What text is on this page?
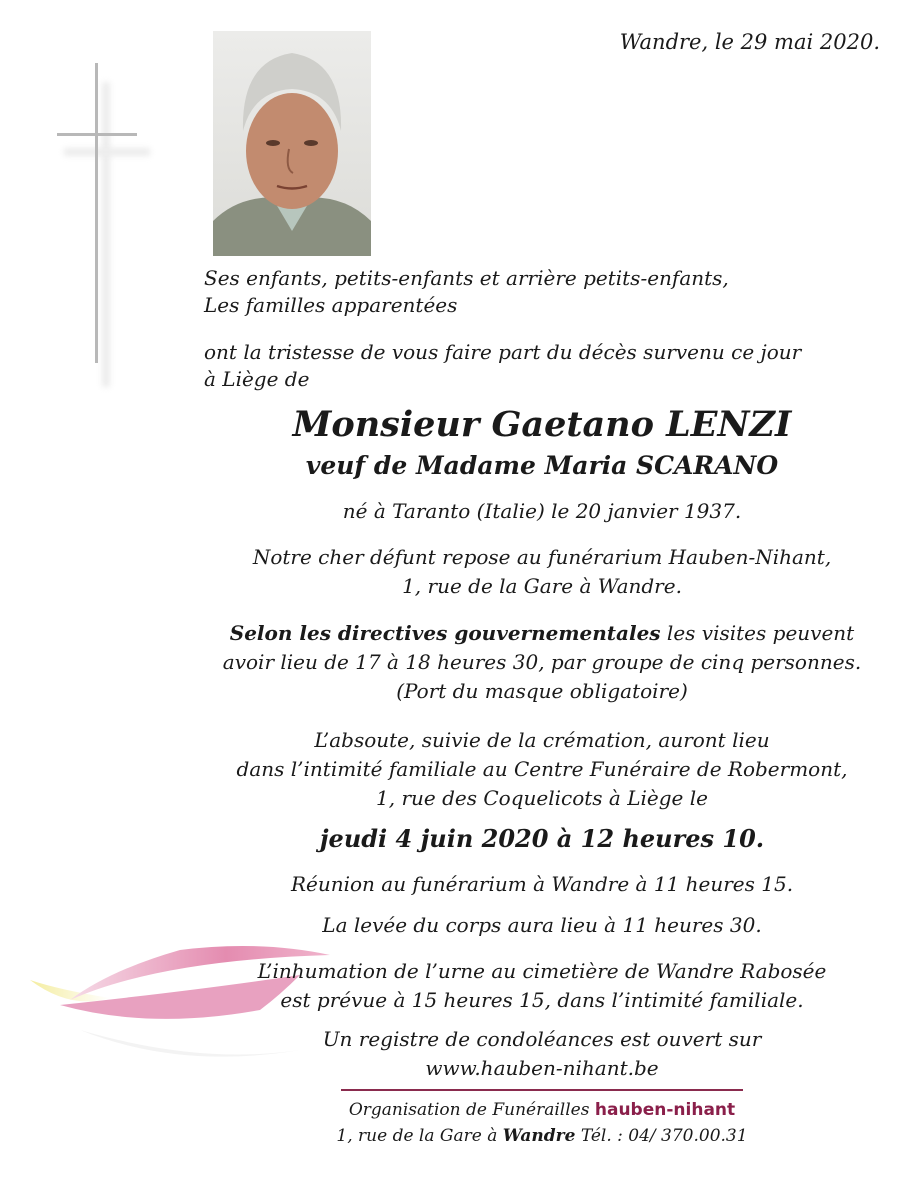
Wandre, le 29 mai 2020.
Ses enfants, petits-enfants et arrière petits-enfants,
Les familles apparentées
ont la tristesse de vous faire part du décès survenu ce jour
à Liège de
Monsieur Gaetano LENZI
veuf de Madame Maria SCARANO
né à Taranto (Italie) le 20 janvier 1937.
Notre cher défunt repose au funérarium Hauben-Nihant,
1, rue de la Gare à Wandre.
Selon les directives gouvernementales les visites peuvent
avoir lieu de 17 à 18 heures 30, par groupe de cinq personnes.
(Port du masque obligatoire)
L’absoute, suivie de la crémation, auront lieu
dans l’intimité familiale au Centre Funéraire de Robermont,
1, rue des Coquelicots à Liège le
jeudi 4 juin 2020 à 12 heures 10.
Réunion au funérarium à Wandre à 11 heures 15.
La levée du corps aura lieu à 11 heures 30.
L’inhumation de l’urne au cimetière de Wandre Rabosée
est prévue à 15 heures 15, dans l’intimité familiale.
Un registre de condoléances est ouvert sur
www.hauben-nihant.be
Organisation de Funérailles hauben-nihant
1, rue de la Gare à Wandre Tél. : 04/ 370.00.31
